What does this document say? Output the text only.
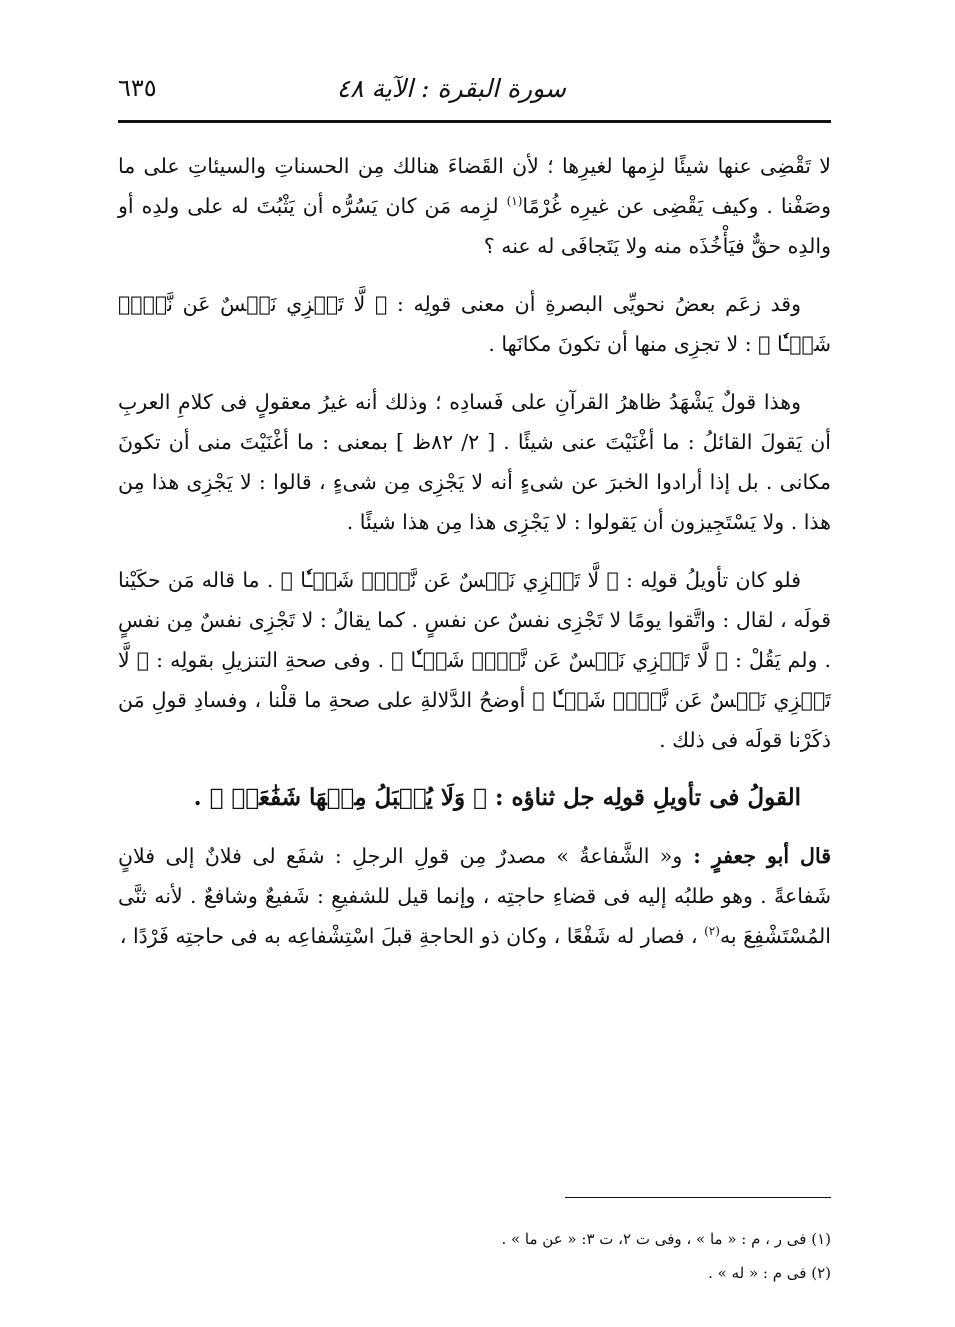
سورة البقرة : الآية ٤٨
٦٣٥

لا تَقْضِى عنها شيئًا لزِمها لغيرِها ؛ لأن القَضاءَ هنالك مِن الحسناتِ والسيئاتِ على ما وصَفْنا . وكيف يَقْضِى عن غيرِه غُرْمًا$^{(١)}$ لزِمه مَن كان يَسُرُّه أن يَثْبُتَ له على ولدِه أو والدِه حقٌّ فيَأْخُذَه منه ولا يَتَجافَى له عنه ؟

وقد زعَم بعضُ نحويِّى البصرةِ أن معنى قولِه : ﴿ لَّا تَجۡزِي نَفۡسٌ عَن نَّفۡسٖ شَيۡـٔٗا ﴾ : لا تجزِى منها أن تكونَ مكانَها .

وهذا قولٌ يَشْهَدُ ظاهرُ القرآنِ على فَسادِه ؛ وذلك أنه غيرُ معقولٍ فى كلامِ العربِ أن يَقولَ القائلُ : ما أغْنَيْتَ عنى شيئًا . [ ٢/ ٨٢ظ ] بمعنى : ما أغْنَيْتَ منى أن تكونَ مكانى . بل إذا أرادوا الخبرَ عن شىءٍ أنه لا يَجْزِى مِن شىءٍ ، قالوا : لا يَجْزِى هذا مِن هذا . ولا يَسْتَجِيزون أن يَقولوا : لا يَجْزِى هذا مِن هذا شيئًا .

فلو كان تأويلُ قولِه : ﴿ لَّا تَجۡزِي نَفۡسٌ عَن نَّفۡسٖ شَيۡـٔٗا ﴾ . ما قاله مَن حكَيْنا قولَه ، لقال : واتَّقوا يومًا لا تَجْزِى نفسٌ عن نفسٍ . كما يقالُ : لا تَجْزِى نفسٌ مِن نفسٍ . ولم يَقُلْ : ﴿ لَّا تَجۡزِي نَفۡسٌ عَن نَّفۡسٖ شَيۡـٔٗا ﴾ . وفى صحةِ التنزيلِ بقولِه : ﴿ لَّا تَجۡزِي نَفۡسٌ عَن نَّفۡسٖ شَيۡـٔٗا ﴾ أوضحُ الدَّلالةِ على صحةِ ما قلْنا ، وفسادِ قولِ مَن ذكَرْنا قولَه فى ذلك .

القولُ فى تأويلِ قولِه جل ثناؤه : ﴿ وَلَا يُقۡبَلُ مِنۡهَا شَفَٰعَةٞ ﴾ .

قال أبو جعفرٍ : و« الشَّفاعةُ » مصدرٌ مِن قولِ الرجلِ : شفَع لى فلانٌ إلى فلانٍ شَفاعةً . وهو طلبُه إليه فى قضاءِ حاجتِه ، وإنما قيل للشفيعِ : شَفيعٌ وشافعٌ . لأنه ثنَّى المُسْتَشْفِعَ به$^{(٢)}$ ، فصار له شَفْعًا ، وكان ذو الحاجةِ قبلَ اسْتِشْفاعِه به فى حاجتِه فَرْدًا ،

(١) فى ر ، م : « ما » ، وفى ت ٢، ت ٣: « عن ما » .
(٢) فى م : « له » .
